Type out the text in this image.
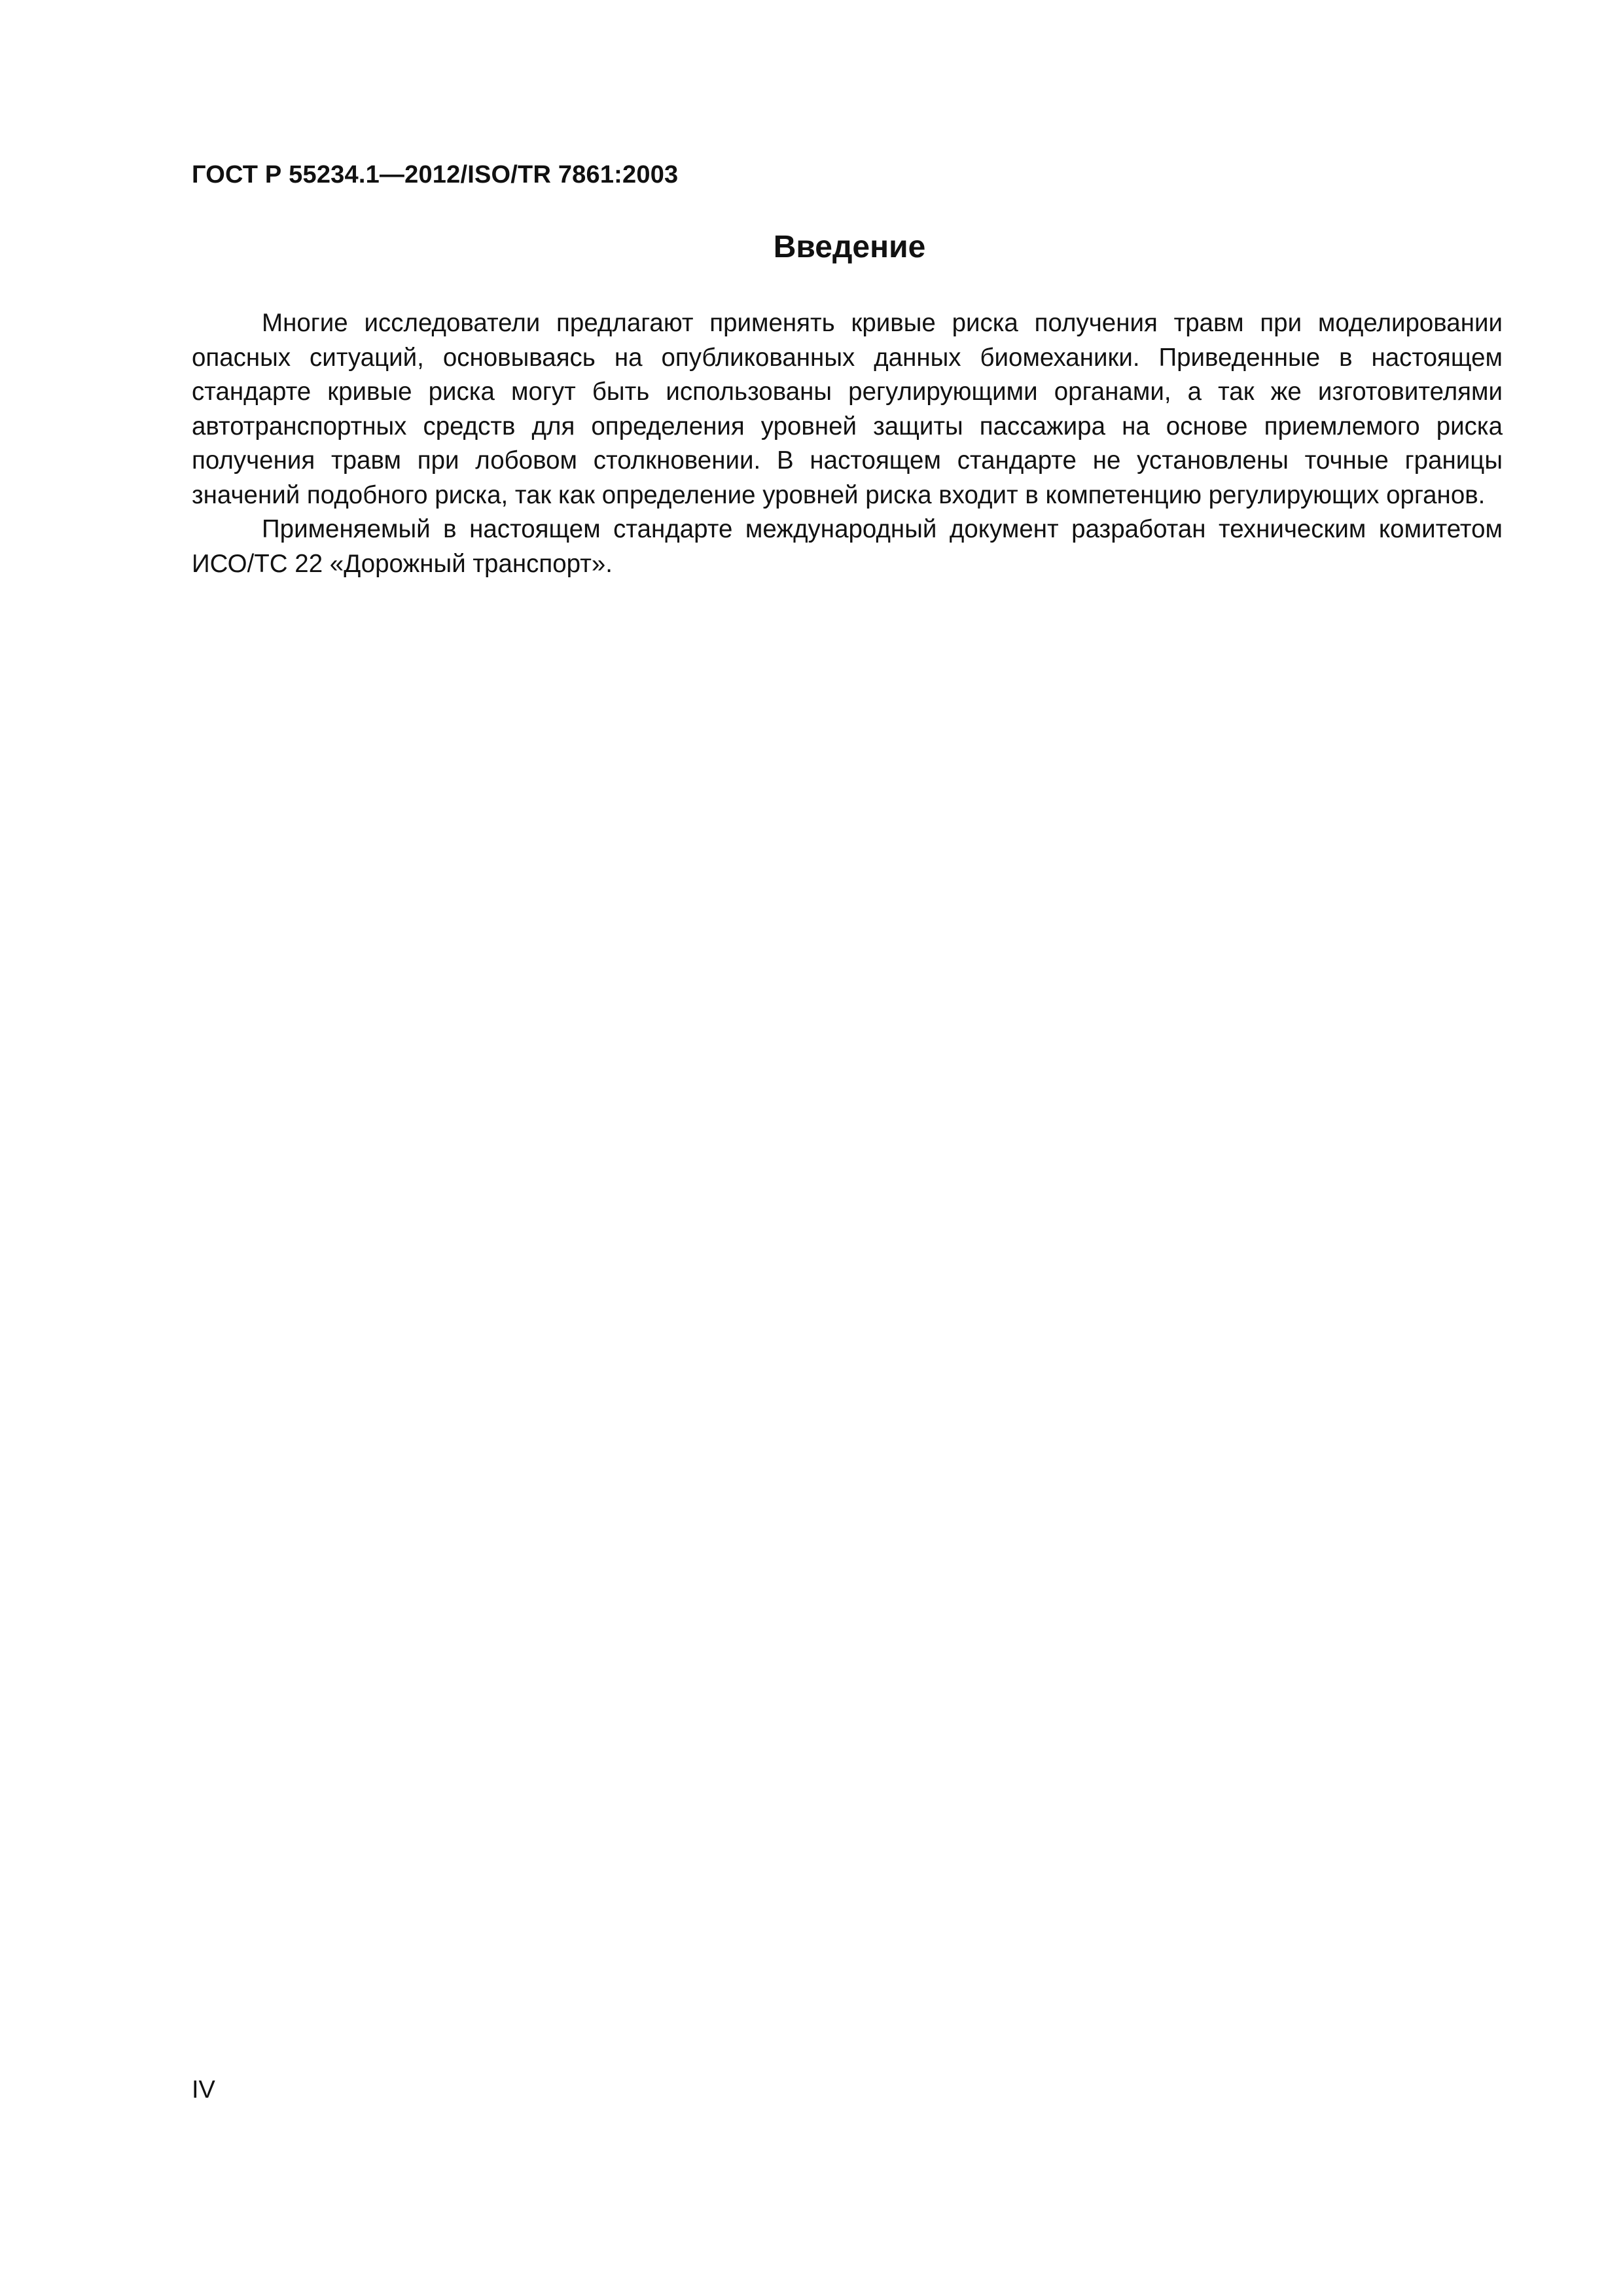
ГОСТ Р 55234.1—2012/ISO/TR 7861:2003
Введение

Многие исследователи предлагают применять кривые риска получения травм при моделировании опасных ситуаций, основываясь на опубликованных данных биомеханики. Приведенные в настоящем стандарте кривые риска могут быть использованы регулирующими органами, а так же изготовителями автотранспортных средств для определения уровней защиты пассажира на основе приемлемого риска получения травм при лобовом столкновении. В настоящем стандарте не установлены точные границы значений подобного риска, так как определение уровней риска входит в компетенцию регулирующих органов.

Применяемый в настоящем стандарте международный документ разработан техническим комитетом ИСО/ТС 22 «Дорожный транспорт».

IV
